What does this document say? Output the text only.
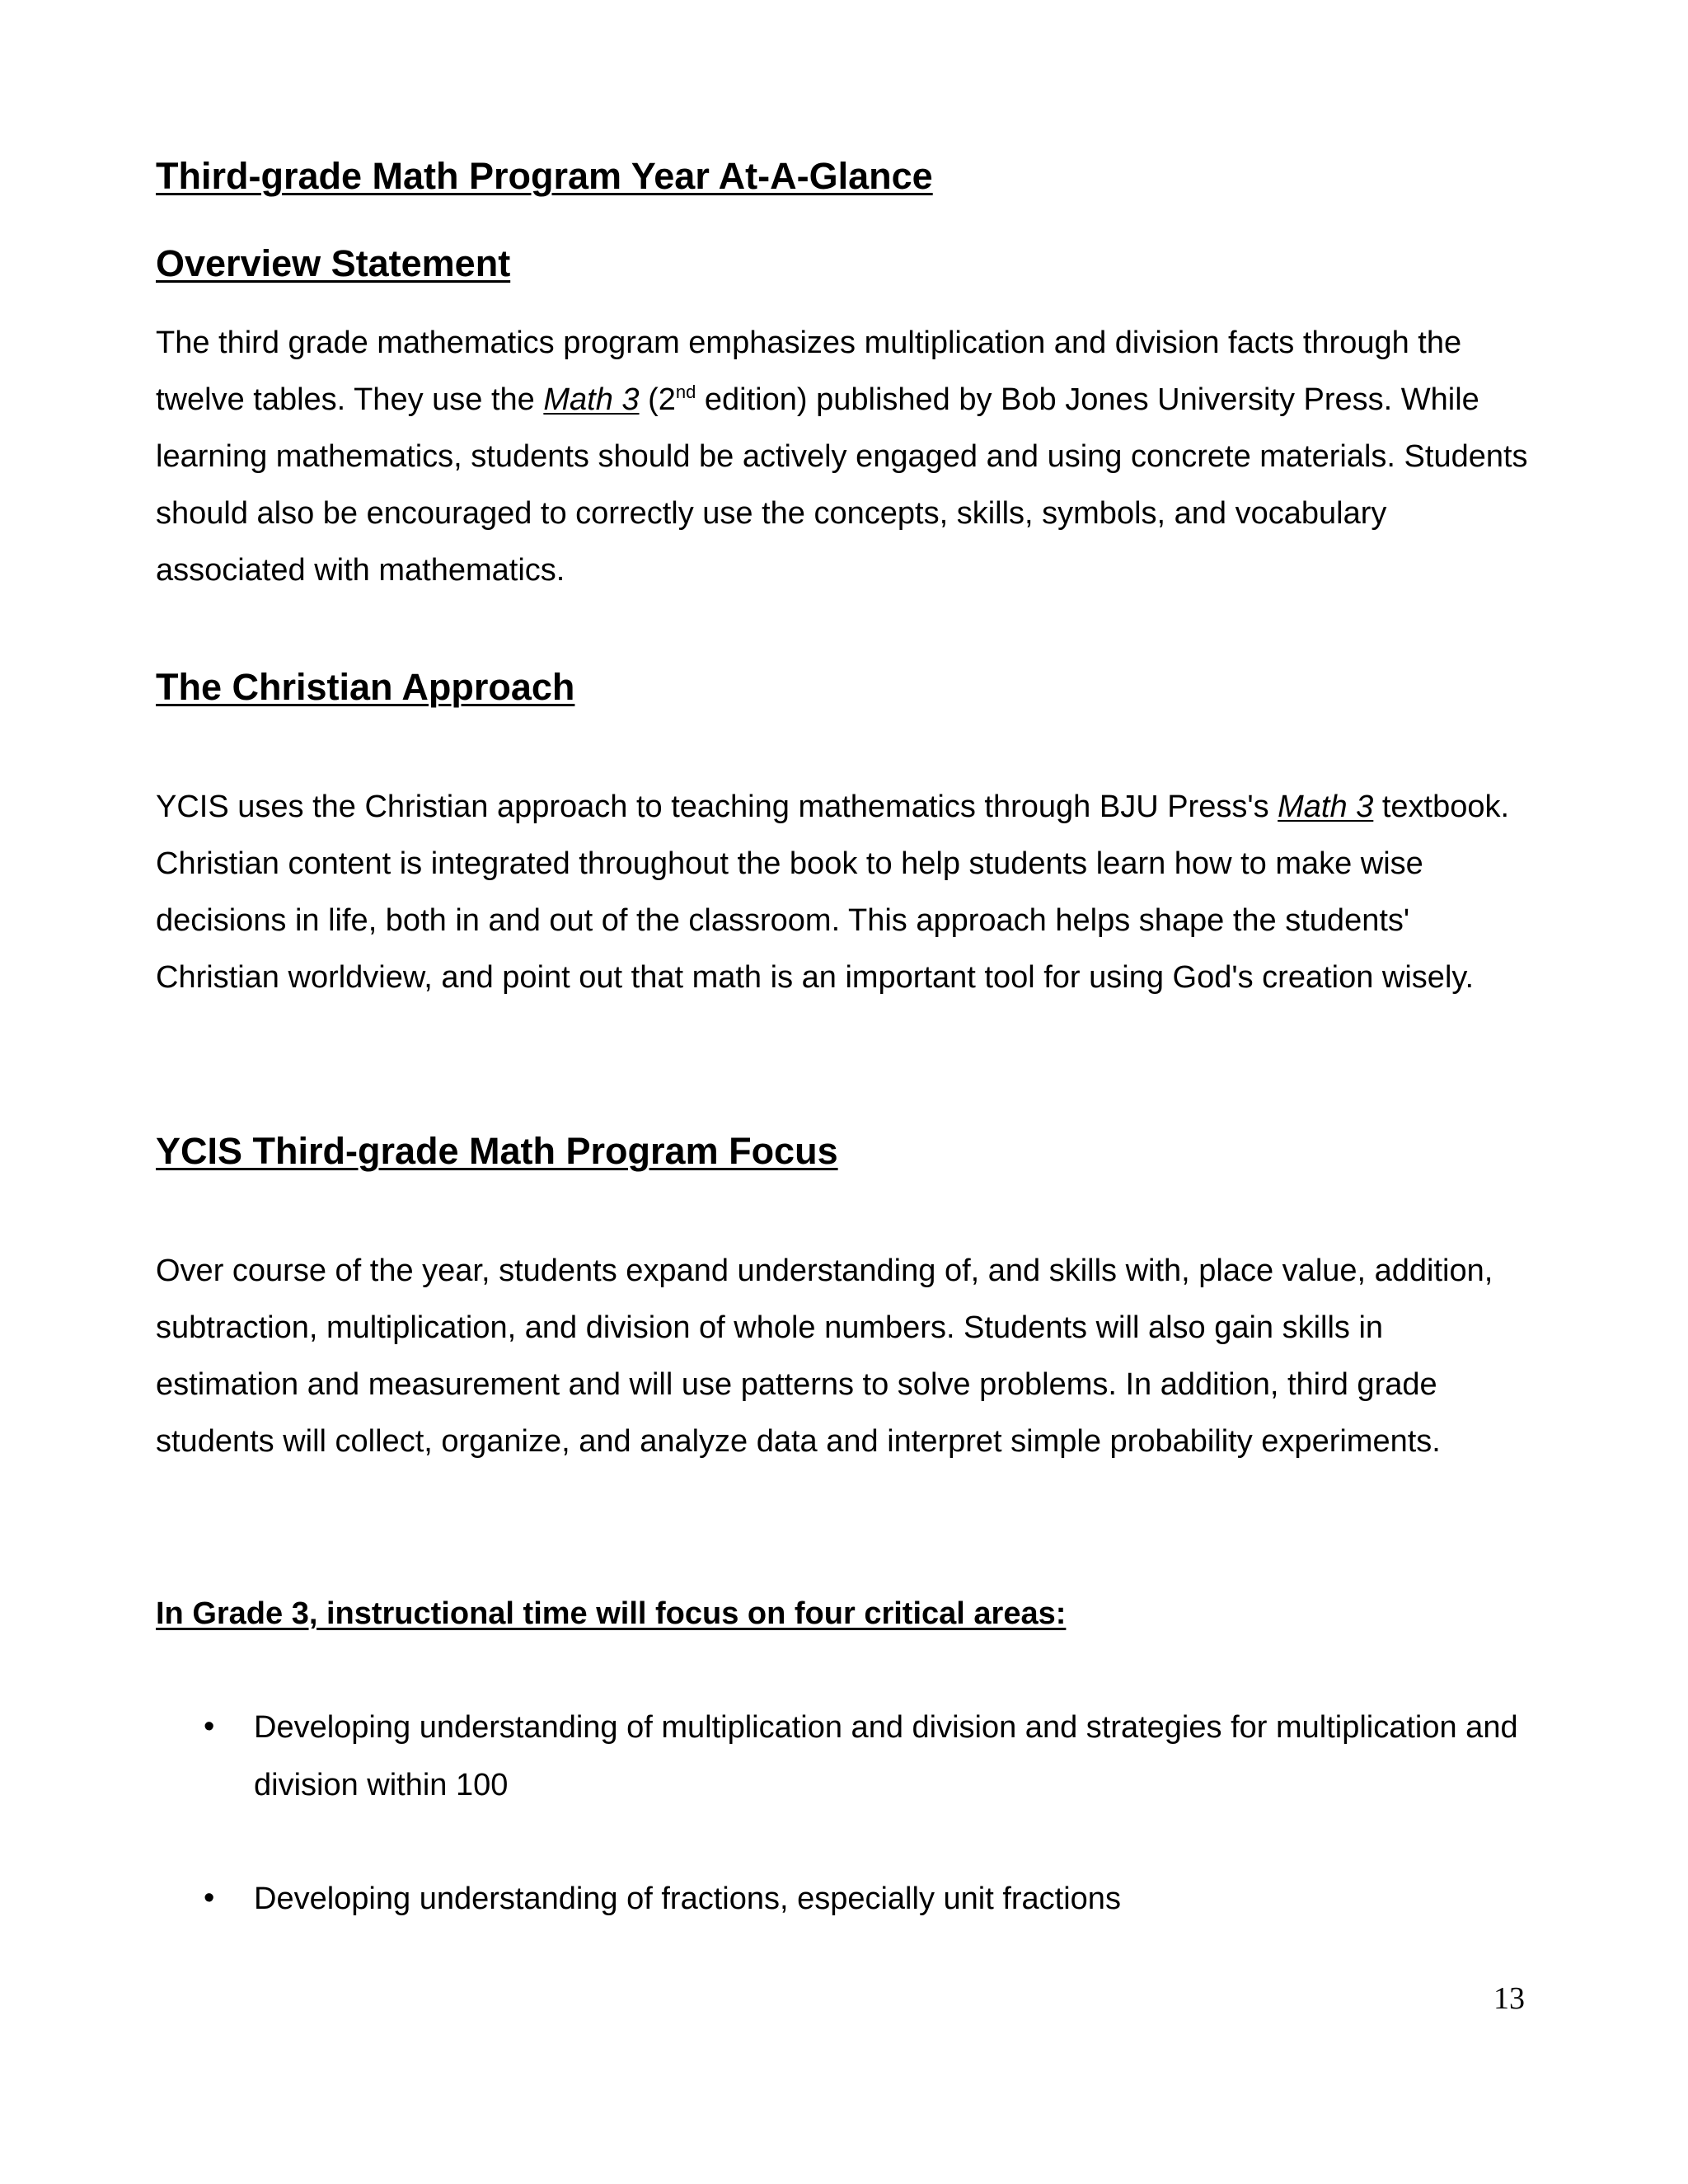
Third-grade Math Program Year At-A-Glance
Overview Statement

The third grade mathematics program emphasizes multiplication and division facts through the twelve tables. They use the Math 3 (2nd edition) published by Bob Jones University Press. While learning mathematics, students should be actively engaged and using concrete materials. Students should also be encouraged to correctly use the concepts, skills, symbols, and vocabulary associated with mathematics.

The Christian Approach

YCIS uses the Christian approach to teaching mathematics through BJU Press's Math 3 textbook. Christian content is integrated throughout the book to help students learn how to make wise decisions in life, both in and out of the classroom. This approach helps shape the students' Christian worldview, and point out that math is an important tool for using God's creation wisely.

YCIS Third-grade Math Program Focus

Over course of the year, students expand understanding of, and skills with, place value, addition, subtraction, multiplication, and division of whole numbers. Students will also gain skills in estimation and measurement and will use patterns to solve problems. In addition, third grade students will collect, organize, and analyze data and interpret simple probability experiments.

In Grade 3, instructional time will focus on four critical areas:
• Developing understanding of multiplication and division and strategies for multiplication and division within 100
• Developing understanding of fractions, especially unit fractions
13
